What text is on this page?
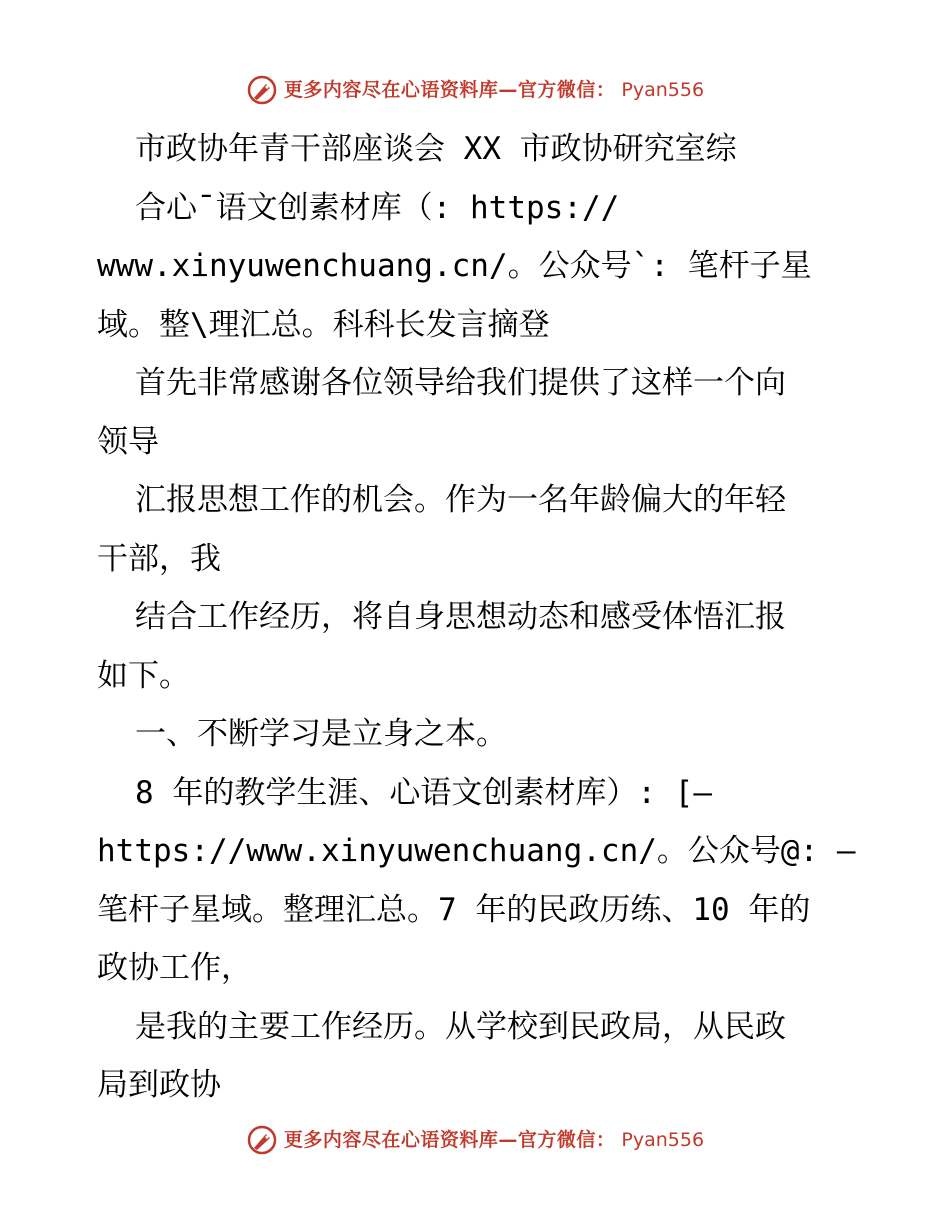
更多内容尽在心语资料库—官方微信： Pyan556
市政协年青干部座谈会 XX 市政协研究室综
合心¯语文创素材库（: https://
www.xinyuwenchuang.cn/。公众号`: 笔杆子星
域。整\理汇总。科科长发言摘登
首先非常感谢各位领导给我们提供了这样一个向
领导
汇报思想工作的机会。作为一名年龄偏大的年轻
干部，我
结合工作经历，将自身思想动态和感受体悟汇报
如下。
一、不断学习是立身之本。
8 年的教学生涯、心语文创素材库）: [—
https://www.xinyuwenchuang.cn/。公众号@: —
笔杆子星域。整理汇总。7 年的民政历练、10 年的
政协工作，
是我的主要工作经历。从学校到民政局，从民政
局到政协
更多内容尽在心语资料库—官方微信： Pyan556
